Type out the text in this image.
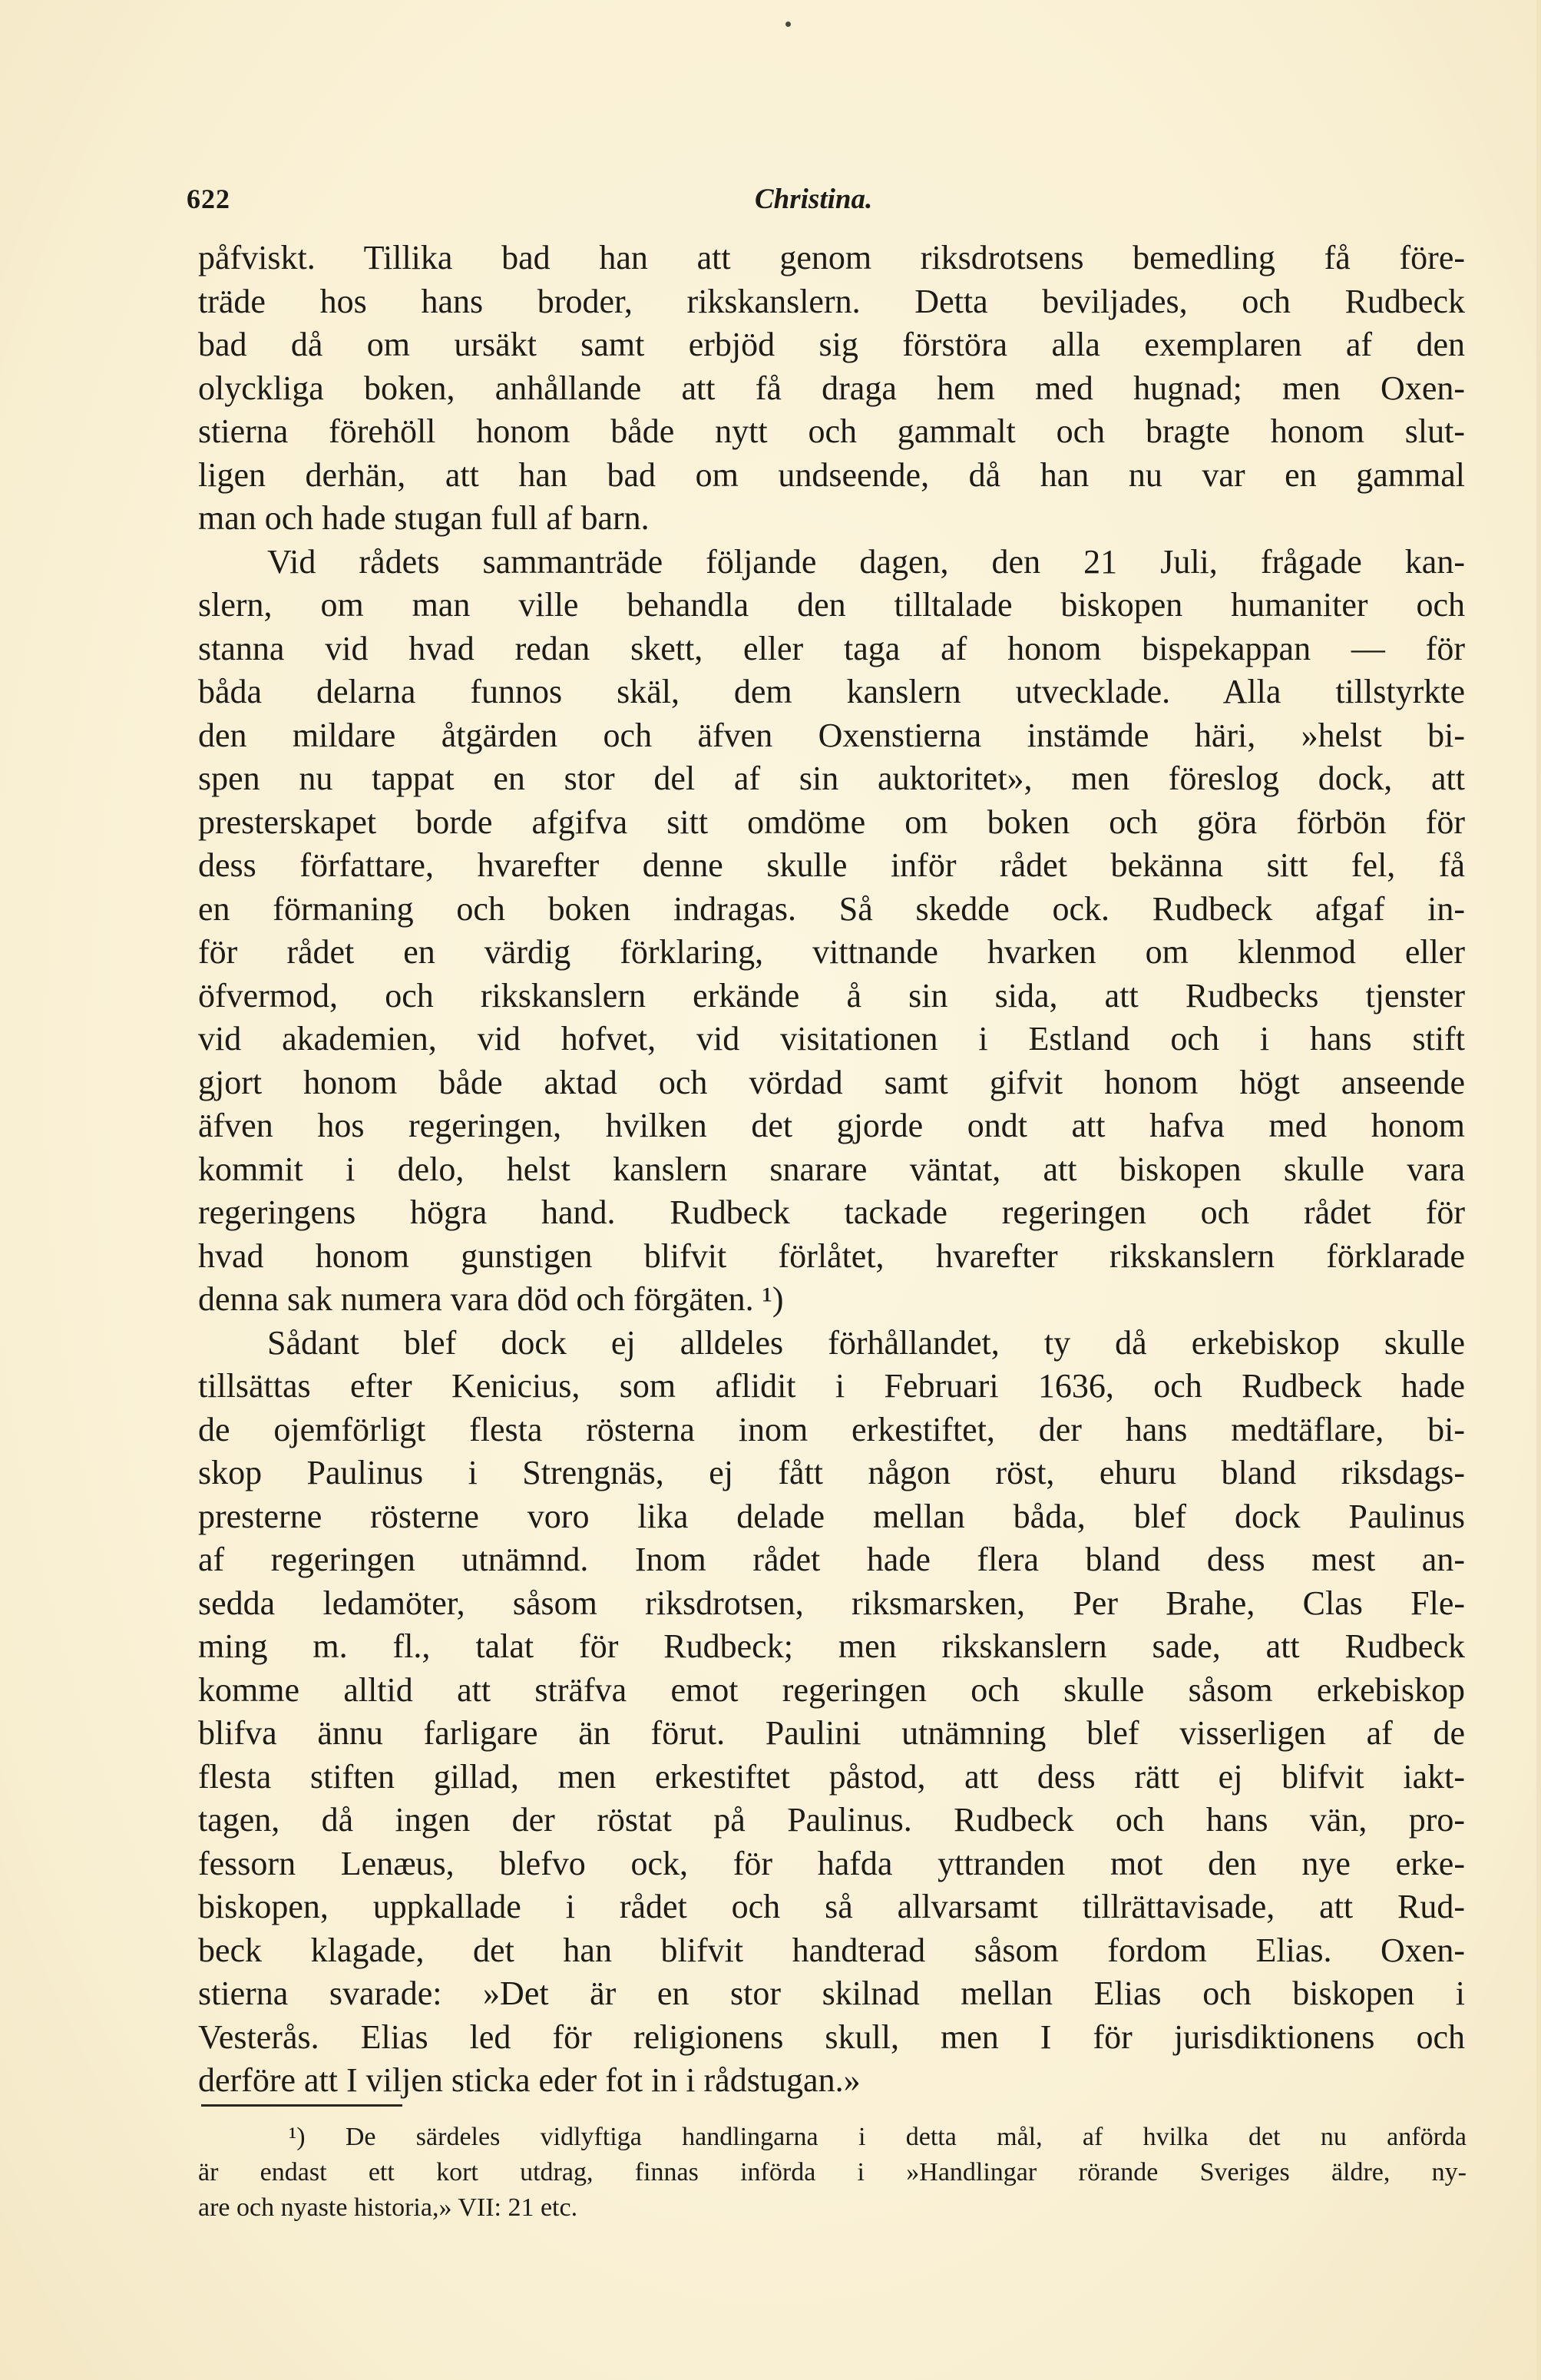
622	Christina.
påfviskt. Tillika bad han att genom riksdrotsens bemedling få före-
träde hos hans broder, rikskanslern. Detta beviljades, och Rudbeck
bad då om ursäkt samt erbjöd sig förstöra alla exemplaren af den
olyckliga boken, anhållande att få draga hem med hugnad; men Oxen-
stierna förehöll honom både nytt och gammalt och bragte honom slut-
ligen derhän, att han bad om undseende, då han nu var en gammal
man och hade stugan full af barn.
Vid rådets sammanträde följande dagen, den 21 Juli, frågade kan-
slern, om man ville behandla den tilltalade biskopen humaniter och
stanna vid hvad redan skett, eller taga af honom bispekappan — för
båda delarna funnos skäl, dem kanslern utvecklade. Alla tillstyrkte
den mildare åtgärden och äfven Oxenstierna instämde häri, »helst bi-
spen nu tappat en stor del af sin auktoritet», men föreslog dock, att
presterskapet borde afgifva sitt omdöme om boken och göra förbön för
dess författare, hvarefter denne skulle inför rådet bekänna sitt fel, få
en förmaning och boken indragas. Så skedde ock. Rudbeck afgaf in-
för rådet en värdig förklaring, vittnande hvarken om klenmod eller
öfvermod, och rikskanslern erkände å sin sida, att Rudbecks tjenster
vid akademien, vid hofvet, vid visitationen i Estland och i hans stift
gjort honom både aktad och vördad samt gifvit honom högt anseende
äfven hos regeringen, hvilken det gjorde ondt att hafva med honom
kommit i delo, helst kanslern snarare väntat, att biskopen skulle vara
regeringens högra hand. Rudbeck tackade regeringen och rådet för
hvad honom gunstigen blifvit förlåtet, hvarefter rikskanslern förklarade
denna sak numera vara död och förgäten. ¹)
Sådant blef dock ej alldeles förhållandet, ty då erkebiskop skulle
tillsättas efter Kenicius, som aflidit i Februari 1636, och Rudbeck hade
de ojemförligt flesta rösterna inom erkestiftet, der hans medtäflare, bi-
skop Paulinus i Strengnäs, ej fått någon röst, ehuru bland riksdags-
presterne rösterne voro lika delade mellan båda, blef dock Paulinus
af regeringen utnämnd. Inom rådet hade flera bland dess mest an-
sedda ledamöter, såsom riksdrotsen, riksmarsken, Per Brahe, Clas Fle-
ming m. fl., talat för Rudbeck; men rikskanslern sade, att Rudbeck
komme alltid att sträfva emot regeringen och skulle såsom erkebiskop
blifva ännu farligare än förut. Paulini utnämning blef visserligen af de
flesta stiften gillad, men erkestiftet påstod, att dess rätt ej blifvit iakt-
tagen, då ingen der röstat på Paulinus. Rudbeck och hans vän, pro-
fessorn Lenæus, blefvo ock, för hafda yttranden mot den nye erke-
biskopen, uppkallade i rådet och så allvarsamt tillrättavisade, att Rud-
beck klagade, det han blifvit handterad såsom fordom Elias. Oxen-
stierna svarade: »Det är en stor skilnad mellan Elias och biskopen i
Vesterås. Elias led för religionens skull, men I för jurisdiktionens och
derföre att I viljen sticka eder fot in i rådstugan.»
¹) De särdeles vidlyftiga handlingarna i detta mål, af hvilka det nu anförda
är endast ett kort utdrag, finnas införda i »Handlingar rörande Sveriges äldre, ny-
are och nyaste historia,» VII: 21 etc.
